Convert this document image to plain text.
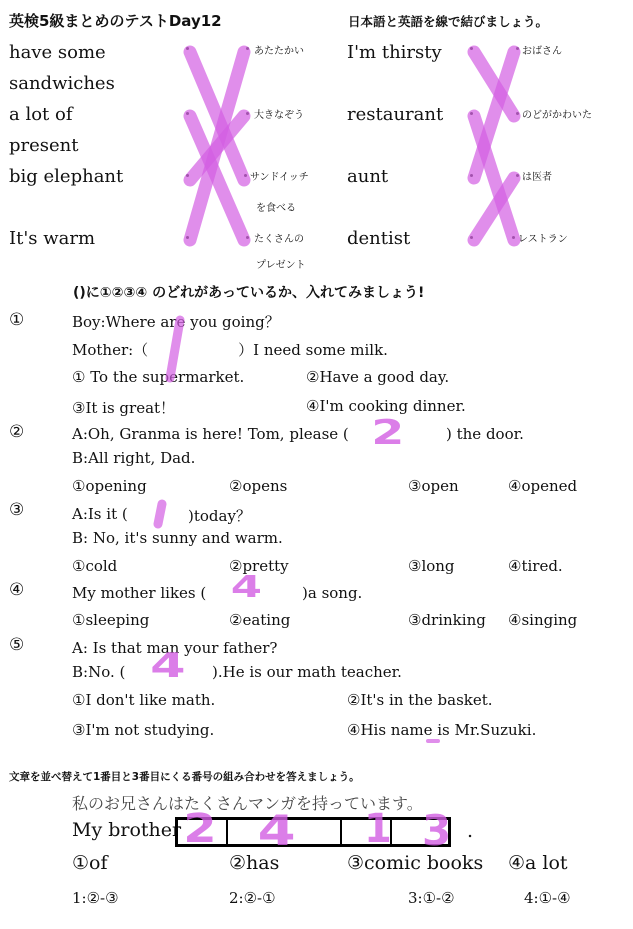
英検5級まとめのテストDay12	日本語と英語を線で結びましょう。
have some
sandwiches
a lot of
present
big elephant
It's warm
あたたかい
大きなぞう
サンドイッチ
を食べる
たくさんの
プレゼント
I'm thirsty
restaurant
aunt
dentist
おばさん
のどがかわいた
は医者
レストラン
()に①②③④ のどれがあっているか、入れてみましょう!
①	Boy:Where are you going？
Mother:（　　　　　　）I need some milk.
① To the supermarket.	②Have a good day.
③It is great！	④I'm cooking dinner.
②	A:Oh, Granma is here! Tom, please (	) the door.
B:All right, Dad.
①opening	②opens	③open	④opened
③	A:Is it (	)today？
B: No, it's sunny and warm.
①cold	②pretty	③long	④tired.
④	My mother likes (	)a song.
①sleeping	②eating	③drinking ④singing
⑤	A: Is that man your father?
B:No. (	).He is our math teacher.
①I don't like math.	②It's in the basket.
③I'm not studying.	④His name is Mr.Suzuki.
文章を並べ替えて1番目と3番目にくる番号の組み合わせを答えましょう。
私のお兄さんはたくさんマンガを持っています。
My brother	.
①of	②has	③comic books ④a lot
1:②-③	2:②-①	3:①-②	4:①-④
2
4
4
2 4 1 3
